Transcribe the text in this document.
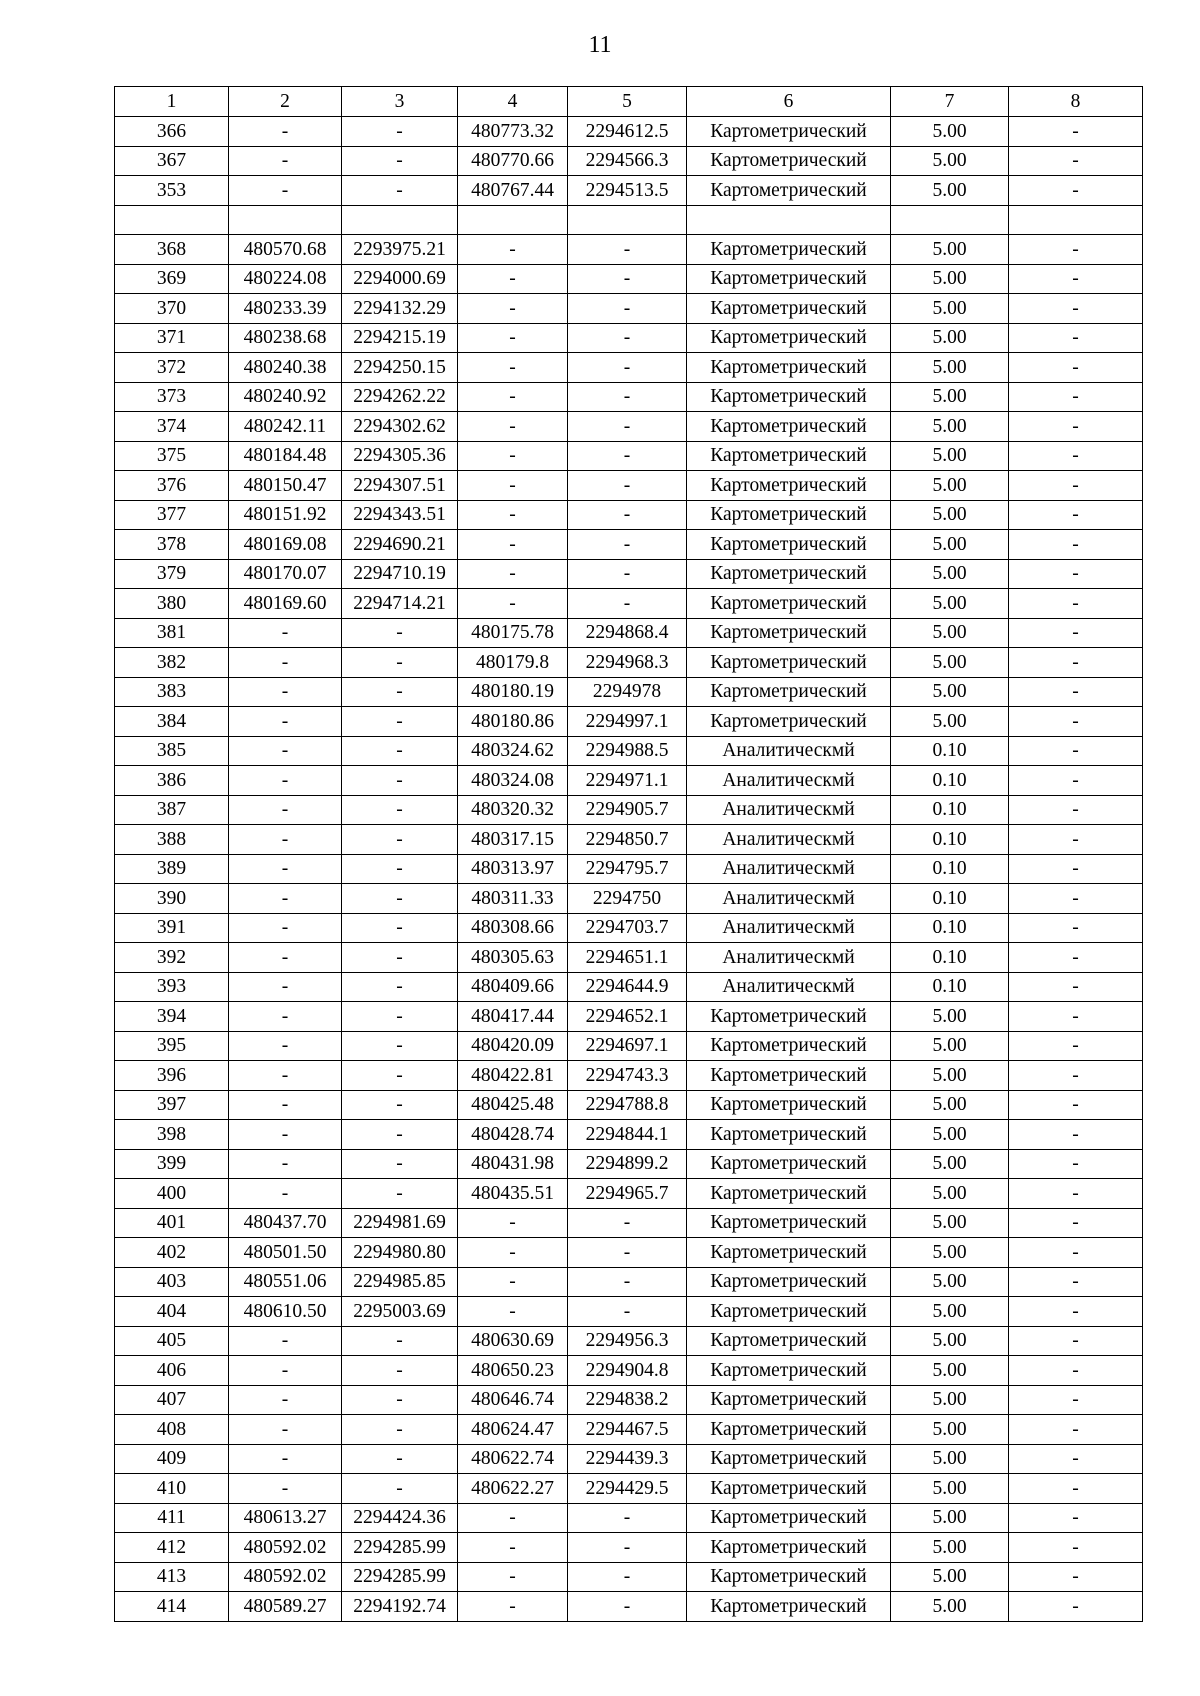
11
1	2	3	4	5	6	7	8
366	-	-	480773.32	2294612.5	Картометрический	5.00	-
367	-	-	480770.66	2294566.3	Картометрический	5.00	-
353	-	-	480767.44	2294513.5	Картометрический	5.00	-

368	480570.68	2293975.21	-	-	Картометрический	5.00	-
369	480224.08	2294000.69	-	-	Картометрический	5.00	-
370	480233.39	2294132.29	-	-	Картометрический	5.00	-
371	480238.68	2294215.19	-	-	Картометрический	5.00	-
372	480240.38	2294250.15	-	-	Картометрический	5.00	-
373	480240.92	2294262.22	-	-	Картометрический	5.00	-
374	480242.11	2294302.62	-	-	Картометрический	5.00	-
375	480184.48	2294305.36	-	-	Картометрический	5.00	-
376	480150.47	2294307.51	-	-	Картометрический	5.00	-
377	480151.92	2294343.51	-	-	Картометрический	5.00	-
378	480169.08	2294690.21	-	-	Картометрический	5.00	-
379	480170.07	2294710.19	-	-	Картометрический	5.00	-
380	480169.60	2294714.21	-	-	Картометрический	5.00	-
381	-	-	480175.78	2294868.4	Картометрический	5.00	-
382	-	-	480179.8	2294968.3	Картометрический	5.00	-
383	-	-	480180.19	2294978	Картометрический	5.00	-
384	-	-	480180.86	2294997.1	Картометрический	5.00	-
385	-	-	480324.62	2294988.5	Аналитическмй	0.10	-
386	-	-	480324.08	2294971.1	Аналитическмй	0.10	-
387	-	-	480320.32	2294905.7	Аналитическмй	0.10	-
388	-	-	480317.15	2294850.7	Аналитическмй	0.10	-
389	-	-	480313.97	2294795.7	Аналитическмй	0.10	-
390	-	-	480311.33	2294750	Аналитическмй	0.10	-
391	-	-	480308.66	2294703.7	Аналитическмй	0.10	-
392	-	-	480305.63	2294651.1	Аналитическмй	0.10	-
393	-	-	480409.66	2294644.9	Аналитическмй	0.10	-
394	-	-	480417.44	2294652.1	Картометрический	5.00	-
395	-	-	480420.09	2294697.1	Картометрический	5.00	-
396	-	-	480422.81	2294743.3	Картометрический	5.00	-
397	-	-	480425.48	2294788.8	Картометрический	5.00	-
398	-	-	480428.74	2294844.1	Картометрический	5.00	-
399	-	-	480431.98	2294899.2	Картометрический	5.00	-
400	-	-	480435.51	2294965.7	Картометрический	5.00	-
401	480437.70	2294981.69	-	-	Картометрический	5.00	-
402	480501.50	2294980.80	-	-	Картометрический	5.00	-
403	480551.06	2294985.85	-	-	Картометрический	5.00	-
404	480610.50	2295003.69	-	-	Картометрический	5.00	-
405	-	-	480630.69	2294956.3	Картометрический	5.00	-
406	-	-	480650.23	2294904.8	Картометрический	5.00	-
407	-	-	480646.74	2294838.2	Картометрический	5.00	-
408	-	-	480624.47	2294467.5	Картометрический	5.00	-
409	-	-	480622.74	2294439.3	Картометрический	5.00	-
410	-	-	480622.27	2294429.5	Картометрический	5.00	-
411	480613.27	2294424.36	-	-	Картометрический	5.00	-
412	480592.02	2294285.99	-	-	Картометрический	5.00	-
413	480592.02	2294285.99	-	-	Картометрический	5.00	-
414	480589.27	2294192.74	-	-	Картометрический	5.00	-
